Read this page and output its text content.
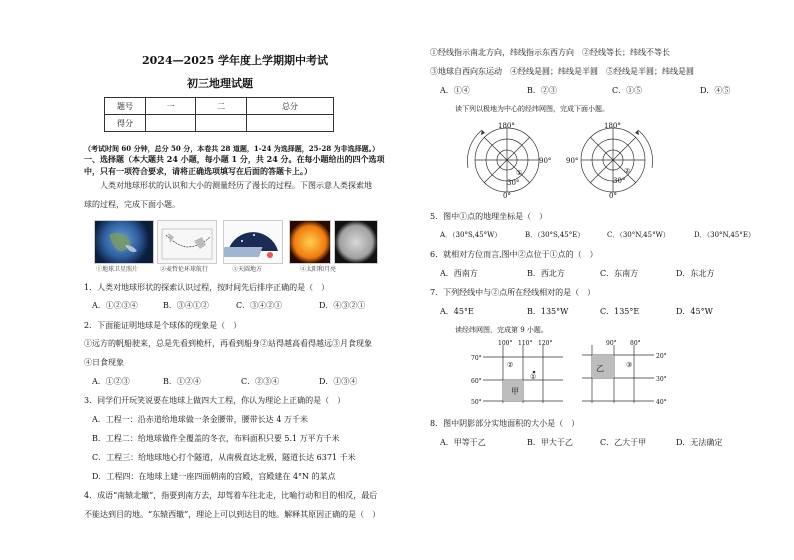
2024—2025 学年度上学期期中考试
初三地理试题
题号	一	二	总分
得分			
（考试时间 60 分钟，总分 50 分，本卷共 28 道题，1-24 为选择题，25-28 为非选择题。）
一、选择题（本大题共 24 小题，每小题 1 分，共 24 分。在每小题给出的四个选项
中，只有一项符合要求，请将正确选项填写在后面的答题卡上。）
人类对地球形状的认识和大小的测量经历了漫长的过程。下图示意人类探索地
球的过程，完成下面小题。
①地球卫星照片	②麦哲伦环球航行	③天圆地方	④太阳和月亮
1．人类对地球形状的探索认识过程，按时间先后排序正确的是（　）
A．①②③④	B．③④①②	C．③④②①	D．④③②①
2．下面能证明地球是个球体的现象是（　）
①远方的帆船驶来，总是先看到桅杆，再看到船身②站得越高看得越远③月食现象
④日食现象
A．①②③	B．①②④	C．②③④	D．①③④
3．同学们开玩笑说要在地球上做四大工程，你认为理论上正确的是（　）
A．工程一：沿赤道给地球做一条金腰带，腰带长达 4 万千米
B．工程二：给地球做件全覆盖的冬衣，布料面积只要 5.1 万平方千米
C．工程三：给地球地心打个隧道，从南极直达北极，隧道长达 6371 千米
D．工程四：在地球上建一座四面朝南的宫殿，宫殿建在 4°N 的某点
4．成语“南辕北辙”，指要到南方去，却驾着车往北走，比喻行动和目的相反，最后
不能达到目的地。“东辕西辙”，理论上可以到达目的地。解释其原因正确的是（　）
①经线指示南北方向，纬线指示东西方向　②经线等长；纬线不等长
③地球自西向东运动　④经线是圆；纬线是半圆　⑤经线是半圆；纬线是圆
A．①④	B．②③	C．①⑤	D．④⑤
读下列以极地为中心的经纬网图，完成下面小题。
180°
90°
0°
30°
①
180°
90°
0°
30°
②
5．图中①点的地理坐标是（　）
A．（30°S,45°W）	B．（30°S,45°E）	C．（30°N,45°W）	D．（30°N,45°E）
6．就相对方位而言,图中②点位于①点的（　）
A．西南方	B．西北方	C．东南方	D．东北方
7．下列经线中与②点所在经线相对的是（　）
A．45°E	B．135°W	C．135°E	D．45°W
读经纬网图，完成第 9 小题。
100° 110° 120°
70°
60°
50°
甲
②
①
90° 80°
20°
30°
40°
乙	③
8．图中阴影部分实地面积的大小是（　）
A．甲等于乙	B．甲大于乙	C．乙大于甲	D．无法确定
